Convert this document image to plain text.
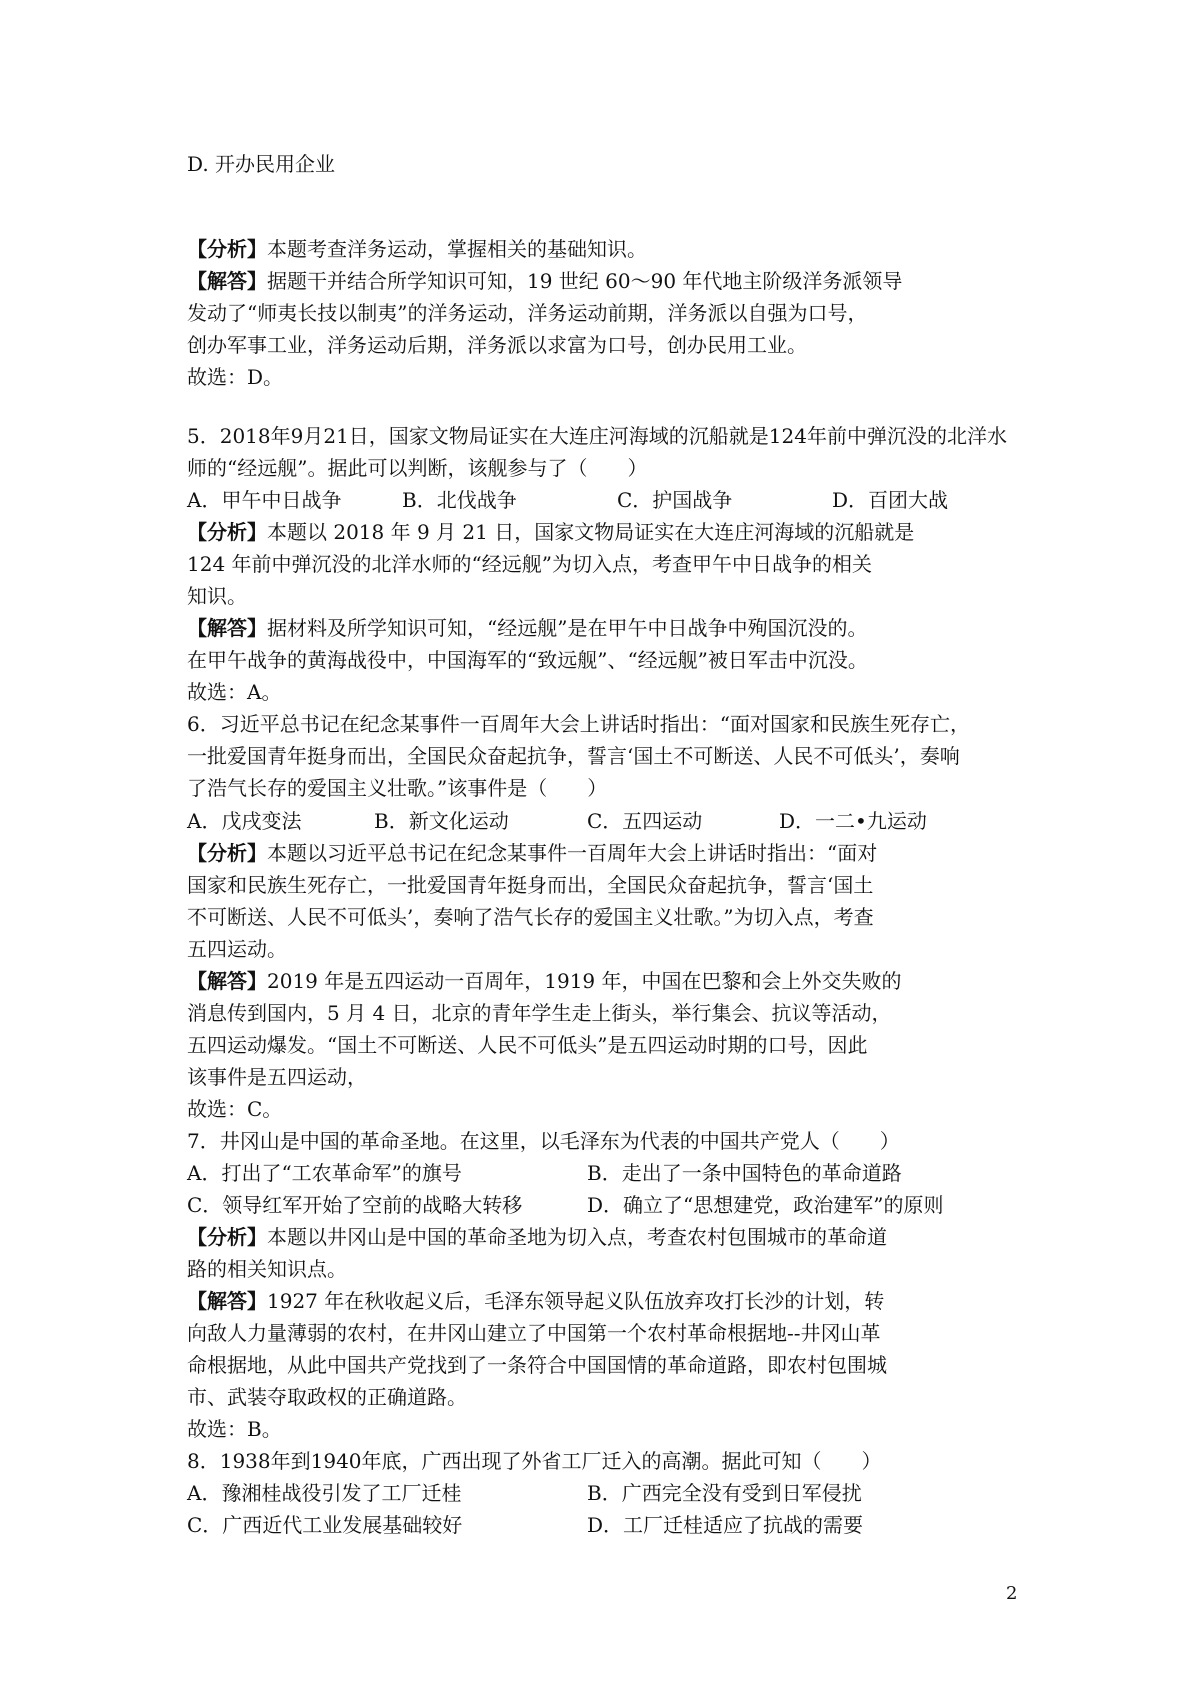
D. 开办民用企业
【分析】本题考查洋务运动，掌握相关的基础知识。
【解答】据题干并结合所学知识可知，19 世纪 60～90 年代地主阶级洋务派领导
发动了“师夷长技以制夷”的洋务运动，洋务运动前期，洋务派以自强为口号，
创办军事工业，洋务运动后期，洋务派以求富为口号，创办民用工业。
故选：D。
5．2018年9月21日，国家文物局证实在大连庄河海域的沉船就是124年前中弹沉没的北洋水
师的“经远舰”。据此可以判断，该舰参与了（　　）
A．甲午中日战争	B．北伐战争	C．护国战争	D．百团大战
【分析】本题以 2018 年 9 月 21 日，国家文物局证实在大连庄河海域的沉船就是
124 年前中弹沉没的北洋水师的“经远舰”为切入点，考查甲午中日战争的相关
知识。
【解答】据材料及所学知识可知，“经远舰”是在甲午中日战争中殉国沉没的。
在甲午战争的黄海战役中，中国海军的“致远舰”、“经远舰”被日军击中沉没。
故选：A。
6．习近平总书记在纪念某事件一百周年大会上讲话时指出：“面对国家和民族生死存亡，
一批爱国青年挺身而出，全国民众奋起抗争，誓言‘国土不可断送、人民不可低头’，奏响
了浩气长存的爱国主义壮歌。”该事件是（　　）
A．戊戌变法	B．新文化运动	C．五四运动	D．一二•九运动
【分析】本题以习近平总书记在纪念某事件一百周年大会上讲话时指出：“面对
国家和民族生死存亡，一批爱国青年挺身而出，全国民众奋起抗争，誓言‘国土
不可断送、人民不可低头’，奏响了浩气长存的爱国主义壮歌。”为切入点，考查
五四运动。
【解答】2019 年是五四运动一百周年，1919 年，中国在巴黎和会上外交失败的
消息传到国内，5 月 4 日，北京的青年学生走上街头，举行集会、抗议等活动，
五四运动爆发。“国土不可断送、人民不可低头”是五四运动时期的口号，因此
该事件是五四运动，
故选：C。
7．井冈山是中国的革命圣地。在这里，以毛泽东为代表的中国共产党人（　　）
A．打出了“工农革命军”的旗号	B．走出了一条中国特色的革命道路
C．领导红军开始了空前的战略大转移	D．确立了“思想建党，政治建军”的原则
【分析】本题以井冈山是中国的革命圣地为切入点，考查农村包围城市的革命道
路的相关知识点。
【解答】1927 年在秋收起义后，毛泽东领导起义队伍放弃攻打长沙的计划，转
向敌人力量薄弱的农村，在井冈山建立了中国第一个农村革命根据地--井冈山革
命根据地，从此中国共产党找到了一条符合中国国情的革命道路，即农村包围城
市、武装夺取政权的正确道路。
故选：B。
8．1938年到1940年底，广西出现了外省工厂迁入的高潮。据此可知（　　）
A．豫湘桂战役引发了工厂迁桂	B．广西完全没有受到日军侵扰
C．广西近代工业发展基础较好	D．工厂迁桂适应了抗战的需要
2
